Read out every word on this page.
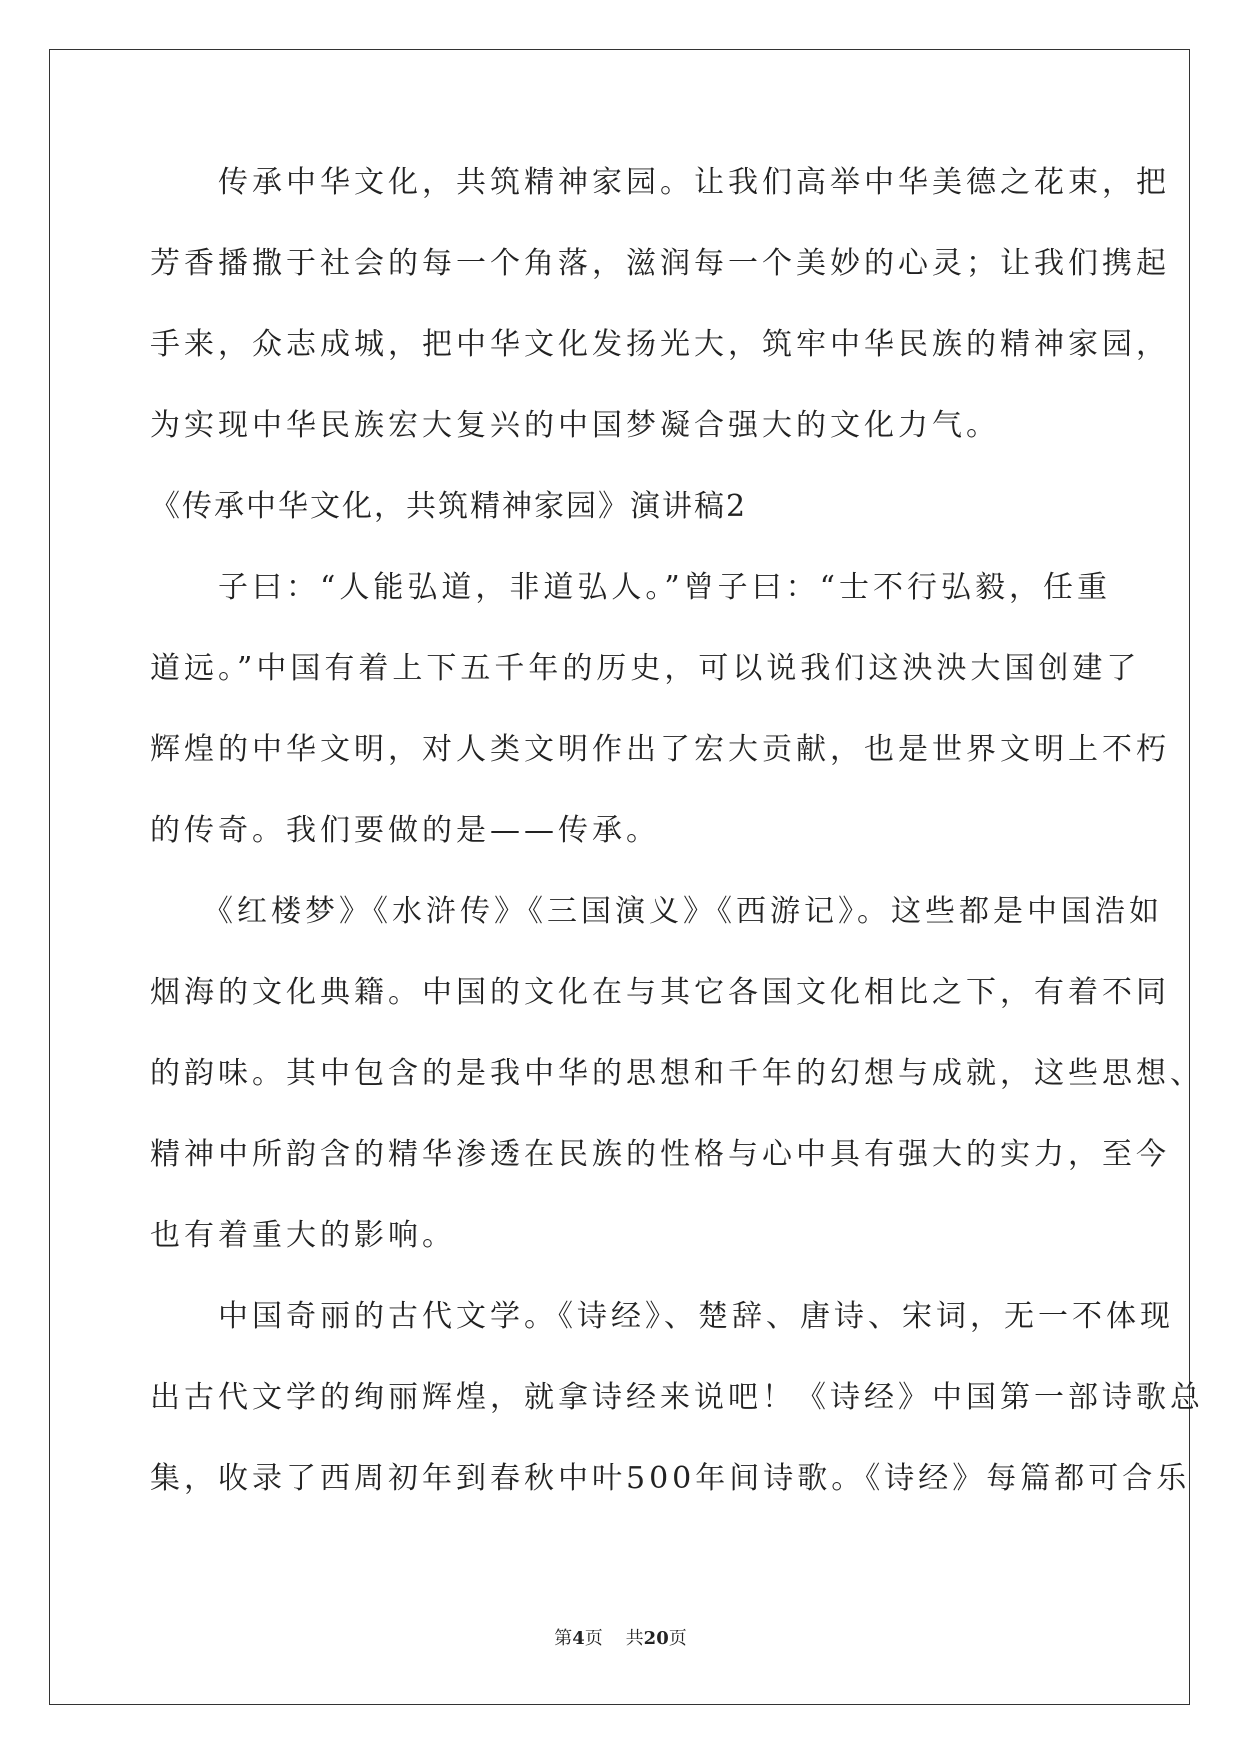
　　传承中华文化，共筑精神家园。让我们高举中华美德之花束，把
芳香播撒于社会的每一个角落，滋润每一个美妙的心灵；让我们携起
手来，众志成城，把中华文化发扬光大，筑牢中华民族的精神家园，
为实现中华民族宏大复兴的中国梦凝合强大的文化力气。
《传承中华文化，共筑精神家园》演讲稿2
　　子曰：“人能弘道，非道弘人。”曾子曰：“士不行弘毅，任重
道远。”中国有着上下五千年的历史，可以说我们这泱泱大国创建了
辉煌的中华文明，对人类文明作出了宏大贡献，也是世界文明上不朽
的传奇。我们要做的是——传承。
　　《红楼梦》《水浒传》《三国演义》《西游记》。这些都是中国浩如
烟海的文化典籍。中国的文化在与其它各国文化相比之下，有着不同
的韵味。其中包含的是我中华的思想和千年的幻想与成就，这些思想、
精神中所韵含的精华渗透在民族的性格与心中具有强大的实力，至今
也有着重大的影响。
　　中国奇丽的古代文学。《诗经》、楚辞、唐诗、宋词，无一不体现
出古代文学的绚丽辉煌，就拿诗经来说吧！《诗经》中国第一部诗歌总
集，收录了西周初年到春秋中叶500年间诗歌。《诗经》每篇都可合乐
第4页 共20页
